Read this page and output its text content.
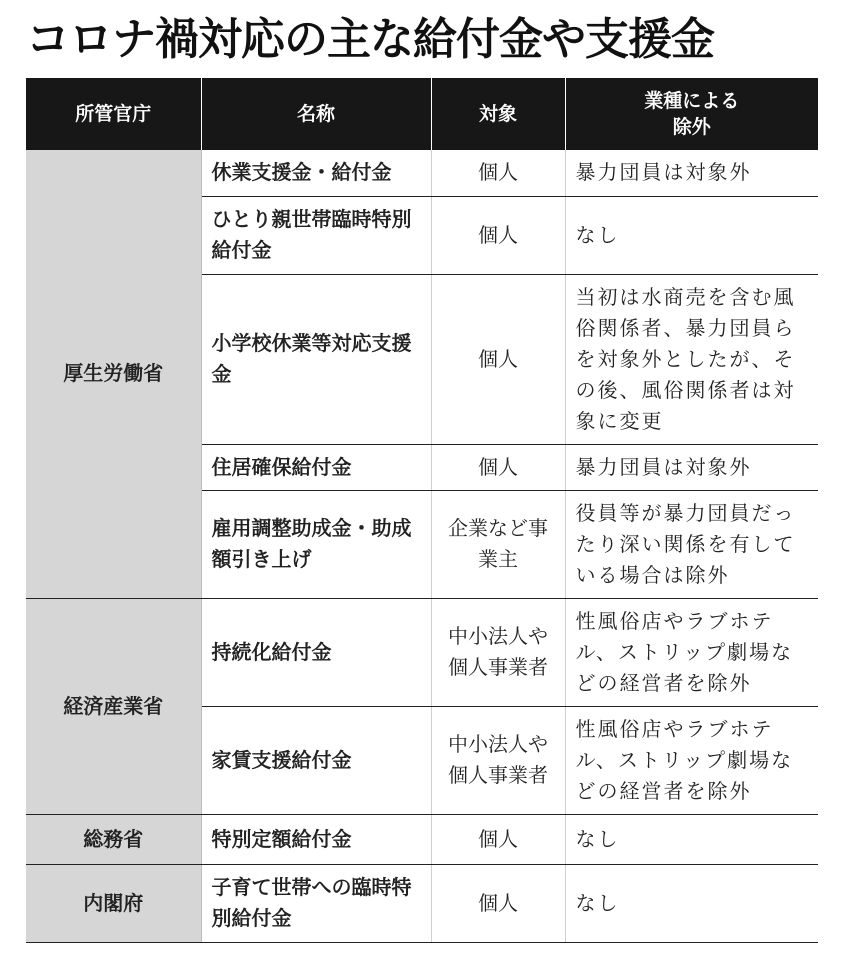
コロナ禍対応の主な給付金や支援金
所管官庁	名称	対象	業種による
除外
厚生労働省	休業支援金・給付金	個人	暴力団員は対象外
	ひとり親世帯臨時特別給付金	個人	なし
	小学校休業等対応支援金	個人	当初は水商売を含む風俗関係者、暴力団員らを対象外としたが、その後、風俗関係者は対象に変更
	住居確保給付金	個人	暴力団員は対象外
	雇用調整助成金・助成額引き上げ	企業など事業主	役員等が暴力団員だったり深い関係を有している場合は除外
経済産業省	持続化給付金	中小法人や個人事業者	性風俗店やラブホテル、ストリップ劇場などの経営者を除外
	家賃支援給付金	中小法人や個人事業者	性風俗店やラブホテル、ストリップ劇場などの経営者を除外
総務省	特別定額給付金	個人	なし
内閣府	子育て世帯への臨時特別給付金	個人	なし
